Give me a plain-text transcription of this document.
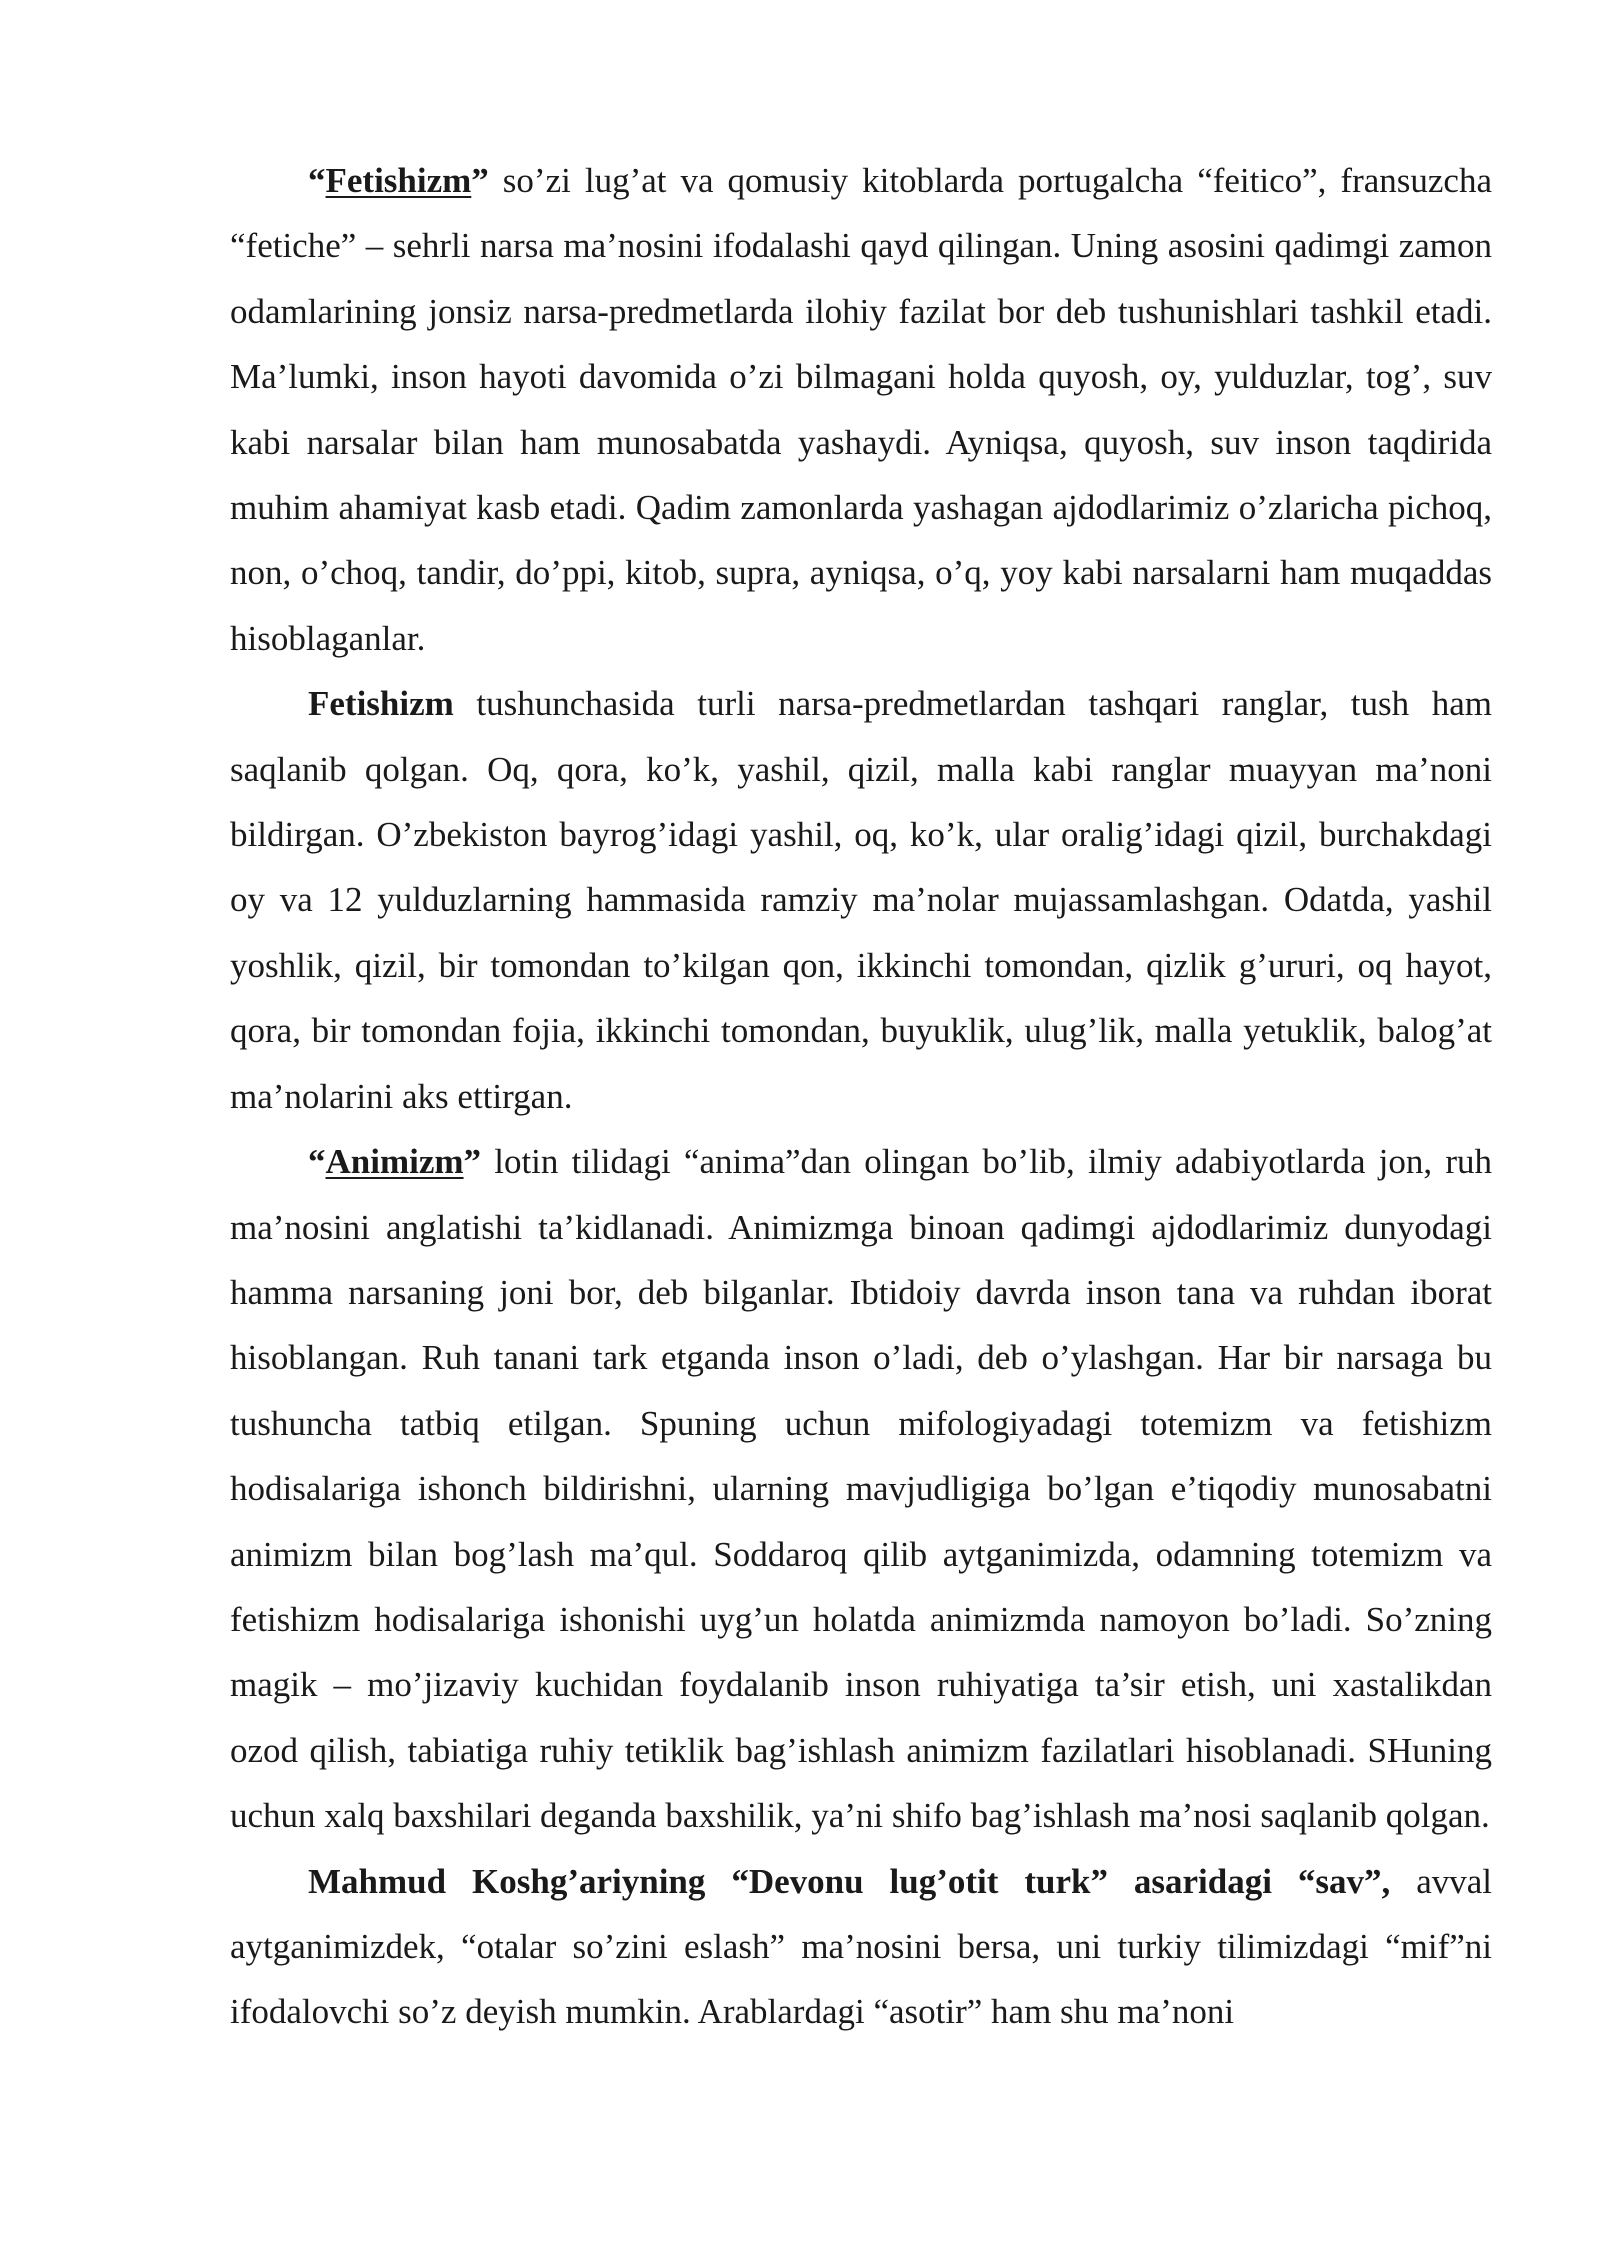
“Fetishizm” so’zi lug’at va qomusiy kitoblarda portugalcha “feitico”, fransuzcha “fetiche” – sehrli narsa ma’nosini ifodalashi qayd qilingan. Uning asosini qadimgi zamon odamlarining jonsiz narsa-predmetlarda ilohiy fazilat bor deb tushunishlari tashkil etadi. Ma’lumki, inson hayoti davomida o’zi bilmagani holda quyosh, oy, yulduzlar, tog’, suv kabi narsalar bilan ham munosabatda yashaydi. Ayniqsa, quyosh, suv inson taqdirida muhim ahamiyat kasb etadi. Qadim zamonlarda yashagan ajdodlarimiz o’zlaricha pichoq, non, o’choq, tandir, do’ppi, kitob, supra, ayniqsa, o’q, yoy kabi narsalarni ham muqaddas hisoblaganlar.

Fetishizm tushunchasida turli narsa-predmetlardan tashqari ranglar, tush ham saqlanib qolgan. Oq, qora, ko’k, yashil, qizil, malla kabi ranglar muayyan ma’noni bildirgan. O’zbekiston bayrog’idagi yashil, oq, ko’k, ular oralig’idagi qizil, burchakdagi oy va 12 yulduzlarning hammasida ramziy ma’nolar mujassamlashgan. Odatda, yashil yoshlik, qizil, bir tomondan to’kilgan qon, ikkinchi tomondan, qizlik g’ururi, oq hayot, qora, bir tomondan fojia, ikkinchi tomondan, buyuklik, ulug’lik, malla yetuklik, balog’at ma’nolarini aks ettirgan.

“Animizm” lotin tilidagi “anima”dan olingan bo’lib, ilmiy adabiyotlarda jon, ruh ma’nosini anglatishi ta’kidlanadi. Animizmga binoan qadimgi ajdodlarimiz dunyodagi hamma narsaning joni bor, deb bilganlar. Ibtidoiy davrda inson tana va ruhdan iborat hisoblangan. Ruh tanani tark etganda inson o’ladi, deb o’ylashgan. Har bir narsaga bu tushuncha tatbiq etilgan. Spuning uchun mifologiyadagi totemizm va fetishizm hodisalariga ishonch bildirishni, ularning mavjudligiga bo’lgan e’tiqodiy munosabatni animizm bilan bog’lash ma’qul. Soddaroq qilib aytganimizda, odamning totemizm va fetishizm hodisalariga ishonishi uyg’un holatda animizmda namoyon bo’ladi. So’zning magik – mo’jizaviy kuchidan foydalanib inson ruhiyatiga ta’sir etish, uni xastalikdan ozod qilish, tabiatiga ruhiy tetiklik bag’ishlash animizm fazilatlari hisoblanadi. SHuning uchun xalq baxshilari deganda baxshilik, ya’ni shifo bag’ishlash ma’nosi saqlanib qolgan.

Mahmud Koshg’ariyning “Devonu lug’otit turk” asaridagi “sav”, avval aytganimizdek, “otalar so’zini eslash” ma’nosini bersa, uni turkiy tilimizdagi “mif”ni ifodalovchi so’z deyish mumkin. Arablardagi “asotir” ham shu ma’noni
